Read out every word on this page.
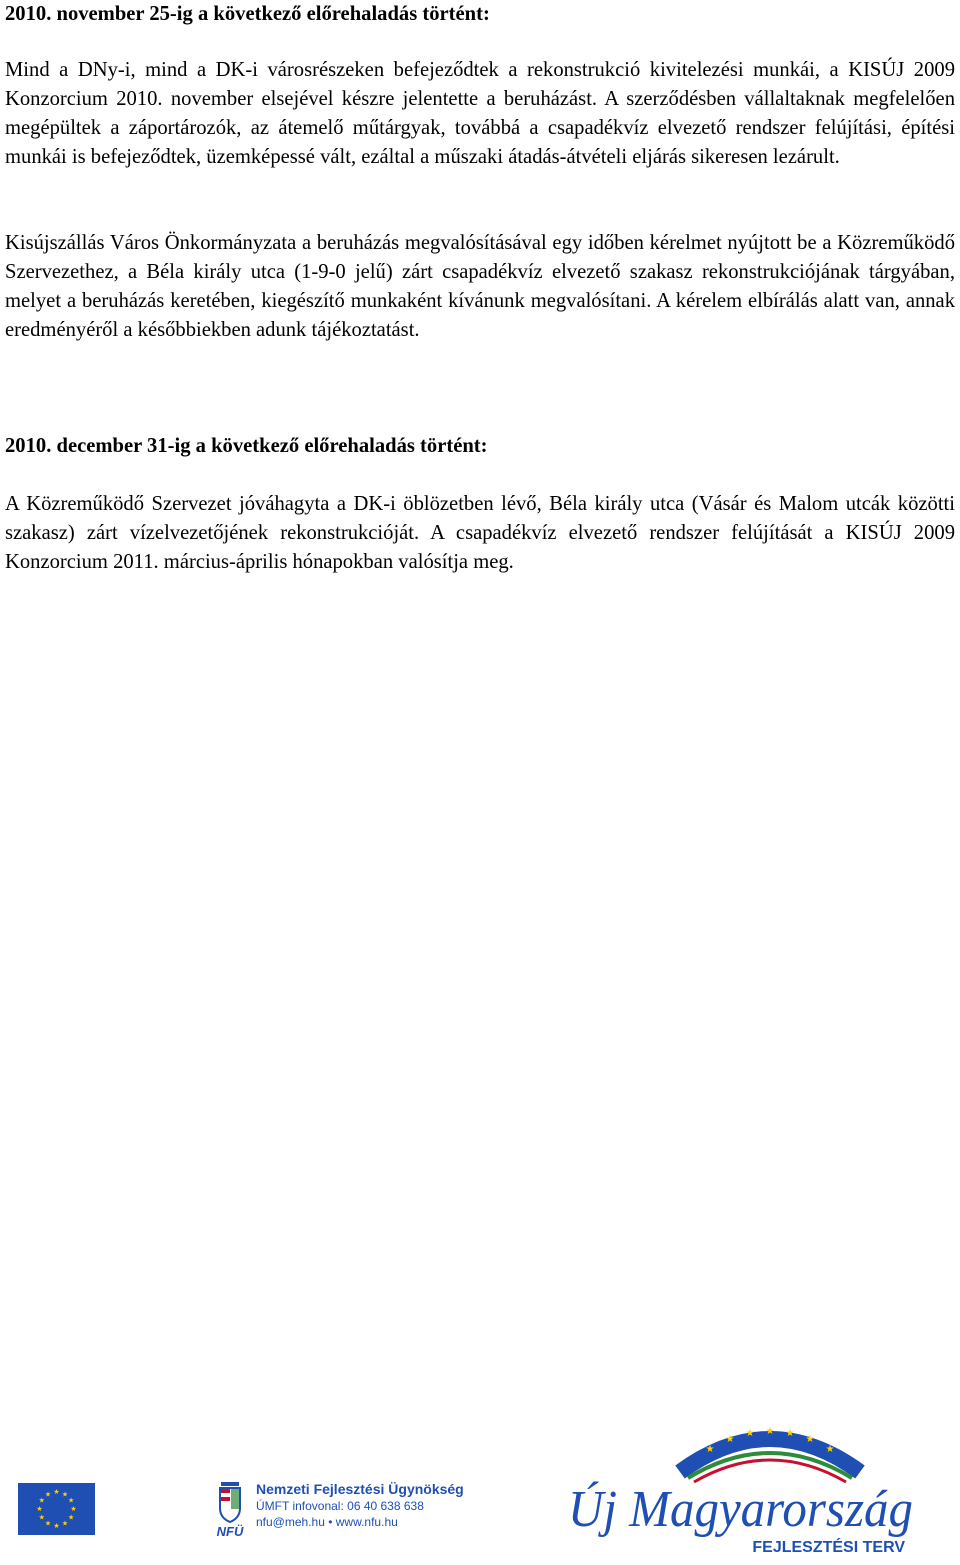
2010. november 25-ig a következő előrehaladás történt:

Mind a DNy-i, mind a DK-i városrészeken befejeződtek a rekonstrukció kivitelezési munkái, a KISÚJ 2009 Konzorcium 2010. november elsejével készre jelentette a beruházást. A szerződésben vállaltaknak megfelelően megépültek a záportározók, az átemelő műtárgyak, továbbá a csapadékvíz elvezető rendszer felújítási, építési munkái is befejeződtek, üzemképessé vált, ezáltal a műszaki átadás-átvételi eljárás sikeresen lezárult.

Kisújszállás Város Önkormányzata a beruházás megvalósításával egy időben kérelmet nyújtott be a Közreműködő Szervezethez, a Béla király utca (1-9-0 jelű) zárt csapadékvíz elvezető szakasz rekonstrukciójának tárgyában, melyet a beruházás keretében, kiegészítő munkaként kívánunk megvalósítani. A kérelem elbírálás alatt van, annak eredményéről a későbbiekben adunk tájékoztatást.

2010. december 31-ig a következő előrehaladás történt:

A Közreműködő Szervezet jóváhagyta a DK-i öblözetben lévő, Béla király utca (Vásár és Malom utcák közötti szakasz) zárt vízelvezetőjének rekonstrukcióját. A csapadékvíz elvezető rendszer felújítását a KISÚJ 2009 Konzorcium 2011. március-április hónapokban valósítja meg.

★ ★
★
★
★
★
★
★
★
★
★
★
NFÜ
Nemzeti Fejlesztési Ügynökség
ÚMFT infovonal: 06 40 638 638
nfu@meh.hu • www.nfu.hu
★
★
★ ★ ★
★
★
Új Magyarország
FEJLESZTÉSI TERV
